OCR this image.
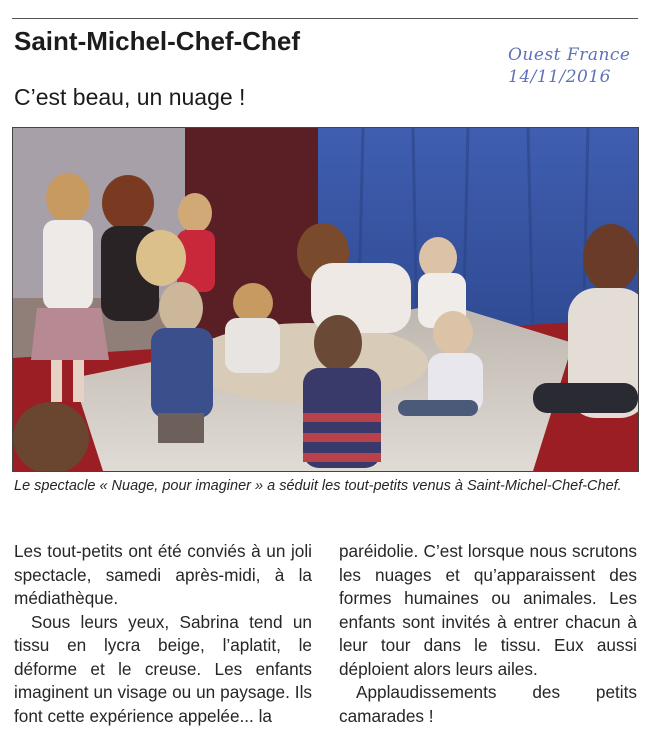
Saint-Michel-Chef-Chef	Ouest France
14/11/2016
C’est beau, un nuage !

Le spectacle « Nuage, pour imaginer » a séduit les tout-petits venus à Saint-Michel-Chef-Chef.

Les tout-petits ont été conviés à un joli spectacle, samedi après-midi, à la médiathèque.

Sous leurs yeux, Sabrina tend un tissu en lycra beige, l’aplatit, le déforme et le creuse. Les enfants imaginent un visage ou un paysage. Ils font cette expérience appelée... la

paréidolie. C’est lorsque nous scrutons les nuages et qu’apparaissent des formes humaines ou animales. Les enfants sont invités à entrer chacun à leur tour dans le tissu. Eux aussi déploient alors leurs ailes.

Applaudissements des petits camarades !
